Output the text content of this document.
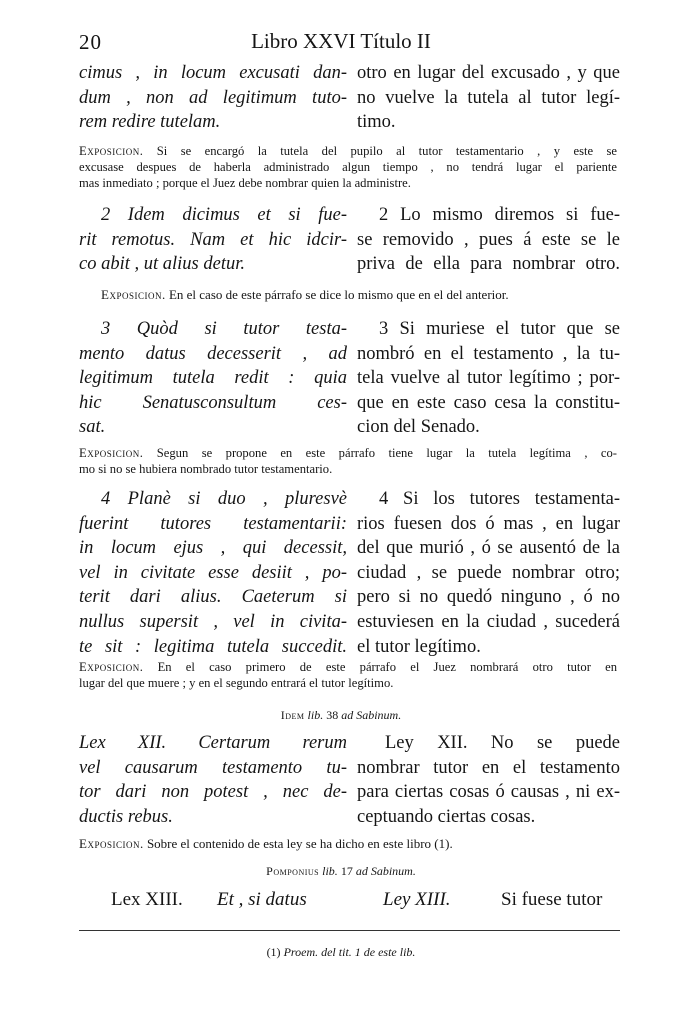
20	Libro XXVI Título II
cimus , in locum excusati dan-
dum , non ad legitimum tuto-
rem redire tutelam.
otro en lugar del excusado , y que
no vuelve la tutela al tutor legí-
timo.
Exposicion. Si se encargó la tutela del pupilo al tutor testamentario , y este se
excusase despues de haberla administrado algun tiempo , no tendrá lugar el pariente
mas inmediato ; porque el Juez debe nombrar quien la administre.
2 Idem dicimus et si fue-
rit remotus. Nam et hic idcir-
co abit , ut alius detur.
2 Lo mismo diremos si fue-
se removido , pues á este se le
priva de ella para nombrar otro.
Exposicion. En el caso de este párrafo se dice lo mismo que en el del anterior.
3 Quòd si tutor testa-
mento datus decesserit , ad
legitimum tutela redit : quia
hic Senatusconsultum ces-
sat.
3 Si muriese el tutor que se
nombró en el testamento , la tu-
tela vuelve al tutor legítimo ; por-
que en este caso cesa la constitu-
cion del Senado.
Exposicion. Segun se propone en este párrafo tiene lugar la tutela legítima , co-
mo si no se hubiera nombrado tutor testamentario.
4 Planè si duo , pluresvè
fuerint tutores testamentarii:
in locum ejus , qui decessit,
vel in civitate esse desiit , po-
terit dari alius. Caeterum si
nullus supersit , vel in civita-
te sit : legitima tutela succedit.
4 Si los tutores testamenta-
rios fuesen dos ó mas , en lugar
del que murió , ó se ausentó de la
ciudad , se puede nombrar otro;
pero si no quedó ninguno , ó no
estuviesen en la ciudad , sucederá
el tutor legítimo.
Exposicion. En el caso primero de este párrafo el Juez nombrará otro tutor en
lugar del que muere ; y en el segundo entrará el tutor legítimo.
Idem lib. 38 ad Sabinum.
Lex XII. Certarum rerum
vel causarum testamento tu-
tor dari non potest , nec de-
ductis rebus.
Ley XII. No se puede
nombrar tutor en el testamento
para ciertas cosas ó causas , ni ex-
ceptuando ciertas cosas.
Exposicion. Sobre el contenido de esta ley se ha dicho en este libro (1).
Pomponius lib. 17 ad Sabinum.
Lex XIII. Et , si datus	Ley XIII.	Si fuese tutor
(1) Proem. del tit. 1 de este lib.
